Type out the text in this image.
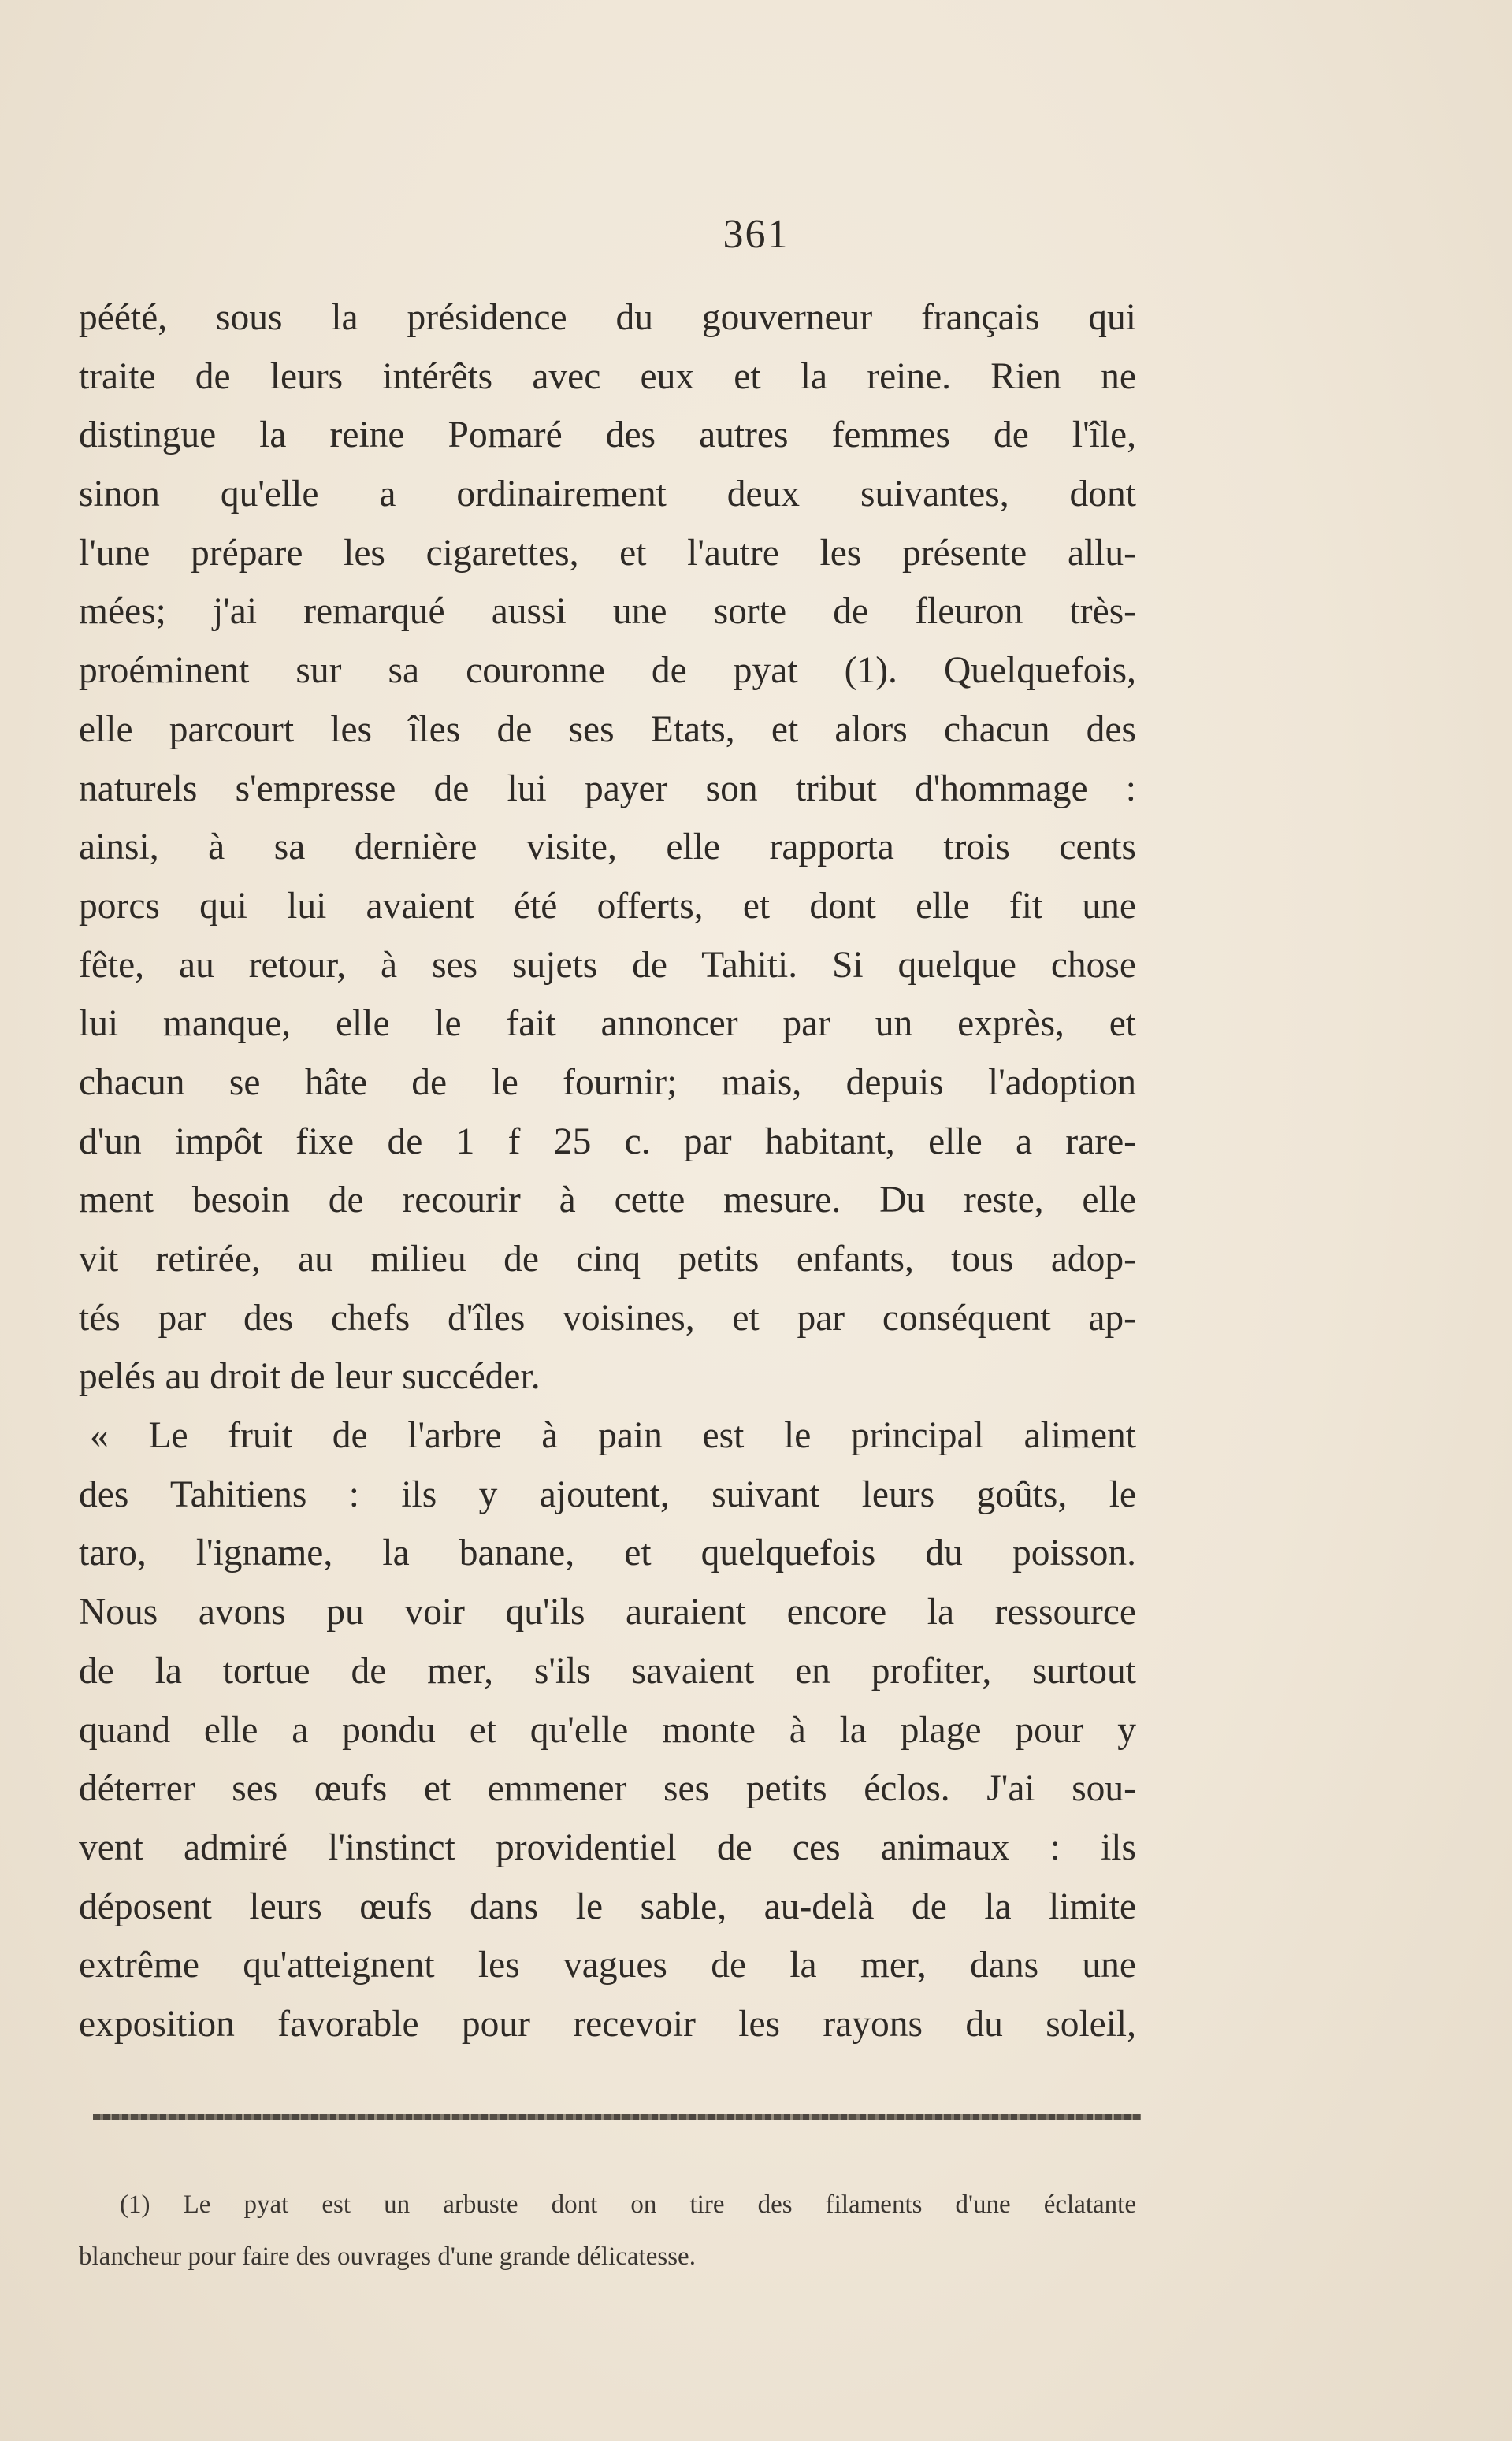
361
péété, sous la présidence du gouverneur français qui
traite de leurs intérêts avec eux et la reine. Rien ne
distingue la reine Pomaré des autres femmes de l'île,
sinon qu'elle a ordinairement deux suivantes, dont
l'une prépare les cigarettes, et l'autre les présente allu-
mées; j'ai remarqué aussi une sorte de fleuron très-
proéminent sur sa couronne de pyat (1). Quelquefois,
elle parcourt les îles de ses Etats, et alors chacun des
naturels s'empresse de lui payer son tribut d'hommage :
ainsi, à sa dernière visite, elle rapporta trois cents
porcs qui lui avaient été offerts, et dont elle fit une
fête, au retour, à ses sujets de Tahiti. Si quelque chose
lui manque, elle le fait annoncer par un exprès, et
chacun se hâte de le fournir; mais, depuis l'adoption
d'un impôt fixe de 1 f 25 c. par habitant, elle a rare-
ment besoin de recourir à cette mesure. Du reste, elle
vit retirée, au milieu de cinq petits enfants, tous adop-
tés par des chefs d'îles voisines, et par conséquent ap-
pelés au droit de leur succéder.
« Le fruit de l'arbre à pain est le principal aliment
des Tahitiens : ils y ajoutent, suivant leurs goûts, le
taro, l'igname, la banane, et quelquefois du poisson.
Nous avons pu voir qu'ils auraient encore la ressource
de la tortue de mer, s'ils savaient en profiter, surtout
quand elle a pondu et qu'elle monte à la plage pour y
déterrer ses œufs et emmener ses petits éclos. J'ai sou-
vent admiré l'instinct providentiel de ces animaux : ils
déposent leurs œufs dans le sable, au-delà de la limite
extrême qu'atteignent les vagues de la mer, dans une
exposition favorable pour recevoir les rayons du soleil,
(1) Le pyat est un arbuste dont on tire des filaments d'une éclatante
blancheur pour faire des ouvrages d'une grande délicatesse.
